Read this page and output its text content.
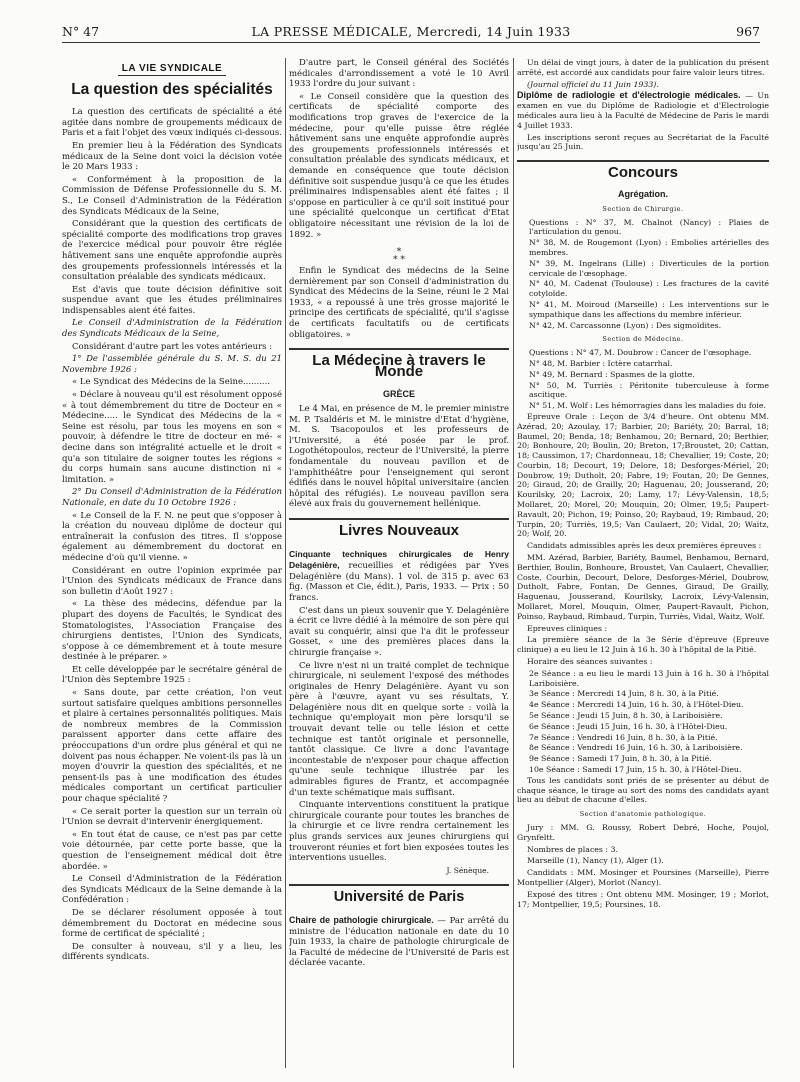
N° 47	LA PRESSE MÉDICALE, Mercredi, 14 Juin 1933	967
LA VIE SYNDICALE
La question des spécialités

La question des certificats de spécialité a été agitée dans nombre de groupements médicaux de Paris et a fait l'objet des vœux indiqués ci-dessous.

En premier lieu à la Fédération des Syndicats médicaux de la Seine dont voici la décision votée le 20 Mars 1933 :

« Conformément à la proposition de la Commission de Défense Professionnelle du S. M. S., Le Conseil d'Administration de la Fédération des Syndicats Médicaux de la Seine,

Considérant que la question des certificats de spécialité comporte des modifications trop graves de l'exercice médical pour pouvoir être réglée hâtivement sans une enquête approfondie auprès des groupements professionnels intéressés et la consultation préalable des syndicats médicaux.

Est d'avis que toute décision définitive soit suspendue avant que les études préliminaires indispensables aient été faites.

Le Conseil d'Administration de la Fédération des Syndicats Médicaux de la Seine,

Considérant d'autre part les votes antérieurs :

1° De l'assemblée générale du S. M. S. du 21 Novembre 1926 :

« Le Syndicat des Médecins de la Seine..........

« Déclare à nouveau qu'il est résolument opposé « à tout démembrement du titre de Docteur en « Médecine..... le Syndicat des Médecins de la « Seine est résolu, par tous les moyens en son « pouvoir, à défendre le titre de docteur en mé- « decine dans son intégralité actuelle et le droit « qu'a son titulaire de soigner toutes les régions « du corps humain sans aucune distinction ni « limitation. »

2° Du Conseil d'Administration de la Fédération Nationale, en date du 10 Octobre 1926 :

« Le Conseil de la F. N. ne peut que s'opposer à la création du nouveau diplôme de docteur qui entraînerait la confusion des titres. Il s'oppose également au démembrement du doctorat en médecine d'où qu'il vienne. »

Considérant en outre l'opinion exprimée par l'Union des Syndicats médicaux de France dans son bulletin d'Août 1927 :

« La thèse des médecins, défendue par la plupart des doyens de Facultés, le Syndicat des Stomatologistes, l'Association Française des chirurgiens dentistes, l'Union des Syndicats, s'oppose à ce démembrement et à toute mesure destinée à le préparer. »

Et celle développée par le secrétaire général de l'Union dès Septembre 1925 :

« Sans doute, par cette création, l'on veut surtout satisfaire quelques ambitions personnelles et plaire à certaines personnalités politiques. Mais de nombreux membres de la Commission paraissent apporter dans cette affaire des préoccupations d'un ordre plus général et qui ne doivent pas nous échapper. Ne voient-ils pas là un moyen d'ouvrir la question des spécialités, et ne pensent-ils pas à une modification des études médicales comportant un certificat particulier pour chaque spécialité ?

« Ce serait porter la question sur un terrain où l'Union se devrait d'intervenir énergiquement.

« En tout état de cause, ce n'est pas par cette voie détournée, par cette porte basse, que la question de l'enseignement médical doit être abordée. »

Le Conseil d'Administration de la Fédération des Syndicats Médicaux de la Seine demande à la Confédération :

De se déclarer résolument opposée à tout démembrement du Doctorat en médecine sous forme de certificat de spécialité ;

De consulter à nouveau, s'il y a lieu, les différents syndicats.

D'autre part, le Conseil général des Sociétés médicales d'arrondissement a voté le 10 Avril 1933 l'ordre du jour suivant :

« Le Conseil considère que la question des certificats de spécialité comporte des modifications trop graves de l'exercice de la médecine, pour qu'elle puisse être réglée hâtivement sans une enquête approfondie auprès des groupements professionnels intéressés et consultation préalable des syndicats médicaux, et demande en conséquence que toute décision définitive soit suspendue jusqu'à ce que les études préliminaires indispensables aient été faites ; il s'oppose en particulier à ce qu'il soit institué pour une spécialité quelconque un certificat d'Etat obligatoire nécessitant une révision de la loi de 1892. »

⁎
⁎ ⁎

Enfin le Syndicat des médecins de la Seine dernièrement par son Conseil d'administration du Syndicat des Médecins de la Seine, réuni le 2 Mai 1933, « a repoussé à une très grosse majorité le principe des certificats de spécialité, qu'il s'agisse de certificats facultatifs ou de certificats obligatoires. »

La Médecine à travers le Monde
GRÈCE

Le 4 Mai, en présence de M. le premier ministre M. P. Tsaldéris et M. le ministre d'Etat d'hygiène, M. S. Tsacopoulos et les professeurs de l'Université, a été posée par le prof. Logothétopoulos, recteur de l'Université, la pierre fondamentale du nouveau pavillon et de l'amphithéâtre pour l'enseignement qui seront édifiés dans le nouvel hôpital universitaire (ancien hôpital des réfugiés). Le nouveau pavillon sera élevé aux frais du gouvernement hellénique.

Livres Nouveaux

Cinquante techniques chirurgicales de Henry Delagénière, recueillies et rédigées par Yves Delagénière (du Mans). 1 vol. de 315 p. avec 63 fig. (Masson et Cie, édit.), Paris, 1933. — Prix : 50 francs.

C'est dans un pieux souvenir que Y. Delagénière a écrit ce livre dédié à la mémoire de son père qui avait su conquérir, ainsi que l'a dit le professeur Gosset, « une des premières places dans la chirurgie française ».

Ce livre n'est ni un traité complet de technique chirurgicale, ni seulement l'exposé des méthodes originales de Henry Delagénière. Ayant vu son père à l'œuvre, ayant vu ses résultats, Y. Delagénière nous dit en quelque sorte : voilà la technique qu'employait mon père lorsqu'il se trouvait devant telle ou telle lésion et cette technique est tantôt originale et personnelle, tantôt classique. Ce livre a donc l'avantage incontestable de n'exposer pour chaque affection qu'une seule technique illustrée par les admirables figures de Frantz, et accompagnée d'un texte schématique mais suffisant.

Cinquante interventions constituent la pratique chirurgicale courante pour toutes les branches de la chirurgie et ce livre rendra certainement les plus grands services aux jeunes chirurgiens qui trouveront réunies et fort bien exposées toutes les interventions usuelles.

J. Sénèque.
Université de Paris

Chaire de pathologie chirurgicale. — Par arrêté du ministre de l'éducation nationale en date du 10 Juin 1933, la chaire de pathologie chirurgicale de la Faculté de médecine de l'Université de Paris est déclarée vacante.

Un délai de vingt jours, à dater de la publication du présent arrêté, est accordé aux candidats pour faire valoir leurs titres.

(Journal officiel du 11 Juin 1933).

Diplôme de radiologie et d'électrologie médicales. — Un examen en vue du Diplôme de Radiologie et d'Electrologie médicales aura lieu à la Faculté de Médecine de Paris le mardi 4 Juillet 1933.

Les inscriptions seront reçues au Secrétariat de la Faculté jusqu'au 25 Juin.

Concours
Agrégation.
Section de Chirurgie.

Questions : N° 37, M. Chalnot (Nancy) : Plaies de l'articulation du genou.

N° 38, M. de Rougemont (Lyon) : Embolies artérielles des membres.

N° 39, M. Ingelrans (Lille) : Diverticules de la portion cervicale de l'œsophage.

N° 40, M. Cadenat (Toulouse) : Les fractures de la cavité cotyloïde.

N° 41, M. Moiroud (Marseille) : Les interventions sur le sympathique dans les affections du membre inférieur.

N° 42, M. Carcassonne (Lyon) : Des sigmoïdites.

Section de Médecine.

Questions : N° 47, M. Doubrow : Cancer de l'œsophage.

N° 48, M. Barbier : Ictère catarrhal.

N° 49, M. Bernard : Spasmes de la glotte.

N° 50, M. Turriès : Péritonite tuberculeuse à forme ascitique.

N° 51, M. Wolf : Les hémorragies dans les maladies du foie.

Epreuve Orale : Leçon de 3/4 d'heure. Ont obtenu MM. Azérad, 20; Azoulay, 17; Barbier, 20; Bariéty, 20; Barral, 18; Baumel, 20; Benda, 18; Benhamou, 20; Bernard, 20; Berthier, 20; Bonhoure, 20; Boulin, 20; Breton, 17;Broustet, 20; Cattan, 18; Caussimon, 17; Chardonneau, 18; Chevallier, 19; Coste, 20; Courbin, 18; Decourt, 19; Delore, 18; Desforges-Mériel, 20; Doubrow, 19; Dutholt, 20; Fabre, 19; Foutan, 20; De Gennes, 20; Giraud, 20; de Grailly, 20; Haguenau, 20; Jousserand, 20; Kourilsky, 20; Lacroix, 20; Lamy, 17; Lévy-Valensin, 18,5; Mollaret, 20; Morel, 20; Mouquin, 20; Olmer, 19,5; Paupert-Ravault, 20; Pichon, 19; Poinso, 20; Raybaud, 19; Rimbaud, 20; Turpin, 20; Turriès, 19,5; Van Caulaert, 20; Vidal, 20; Waitz, 20; Wolf, 20.

Candidats admissibles après les deux premières épreuves :

MM. Azérad, Barbier, Bariéty, Baumel, Benhamou, Bernard, Berthier, Boulin, Bonhoure, Broustet, Van Caulaert, Chevallier, Coste, Courbin, Decourt, Delore, Desforges-Mériel, Doubrow, Dutholt, Fabre, Fontan, De Gennes, Giraud, De Grailly, Haguenau, Jousserand, Kourilsky, Lacroix, Lévy-Valensin, Mollaret, Morel, Mouquin, Olmer, Paupert-Ravault, Pichon, Poinso, Raybaud, Rimbaud, Turpin, Turriès, Vidal, Waitz, Wolf.

Epreuves cliniques :

La première séance de la 3e Série d'épreuve (Epreuve clinique) a eu lieu le 12 Juin à 16 h. 30 à l'hôpital de la Pitié.

Horaire des séances suivantes :

2e Séance : a eu lieu le mardi 13 Juin à 16 h. 30 à l'hôpital Lariboisière.

3e Séance : Mercredi 14 Juin, 8 h. 30, à la Pitié.

4e Séance : Mercredi 14 Juin, 16 h. 30, à l'Hôtel-Dieu.

5e Séance : Jeudi 15 Juin, 8 h. 30, à Lariboisière.

6e Séance : Jeudi 15 Juin, 16 h. 30, à l'Hôtel-Dieu.

7e Séance : Vendredi 16 Juin, 8 h. 30, à la Pitié.

8e Séance : Vendredi 16 Juin, 16 h. 30, à Lariboisière.

9e Séance : Samedi 17 Juin, 8 h. 30, à la Pitié.

10e Séance : Samedi 17 Juin, 15 h. 30, à l'Hôtel-Dieu.

Tous les candidats sont priés de se présenter au début de chaque séance, le tirage au sort des noms des candidats ayant lieu au début de chacune d'elles.

Section d'anatomie pathologique.

Jury : MM. G. Roussy, Robert Debré, Hoche, Poujol, Grynfeltt.

Nombres de places : 3.

Marseille (1), Nancy (1), Alger (1).

Candidats : MM. Mosinger et Poursines (Marseille), Pierre Montpellier (Alger), Morlot (Nancy).

Exposé des titres : Ont obtenu MM. Mosinger, 19 ; Morlot, 17; Montpellier, 19,5; Poursines, 18.
